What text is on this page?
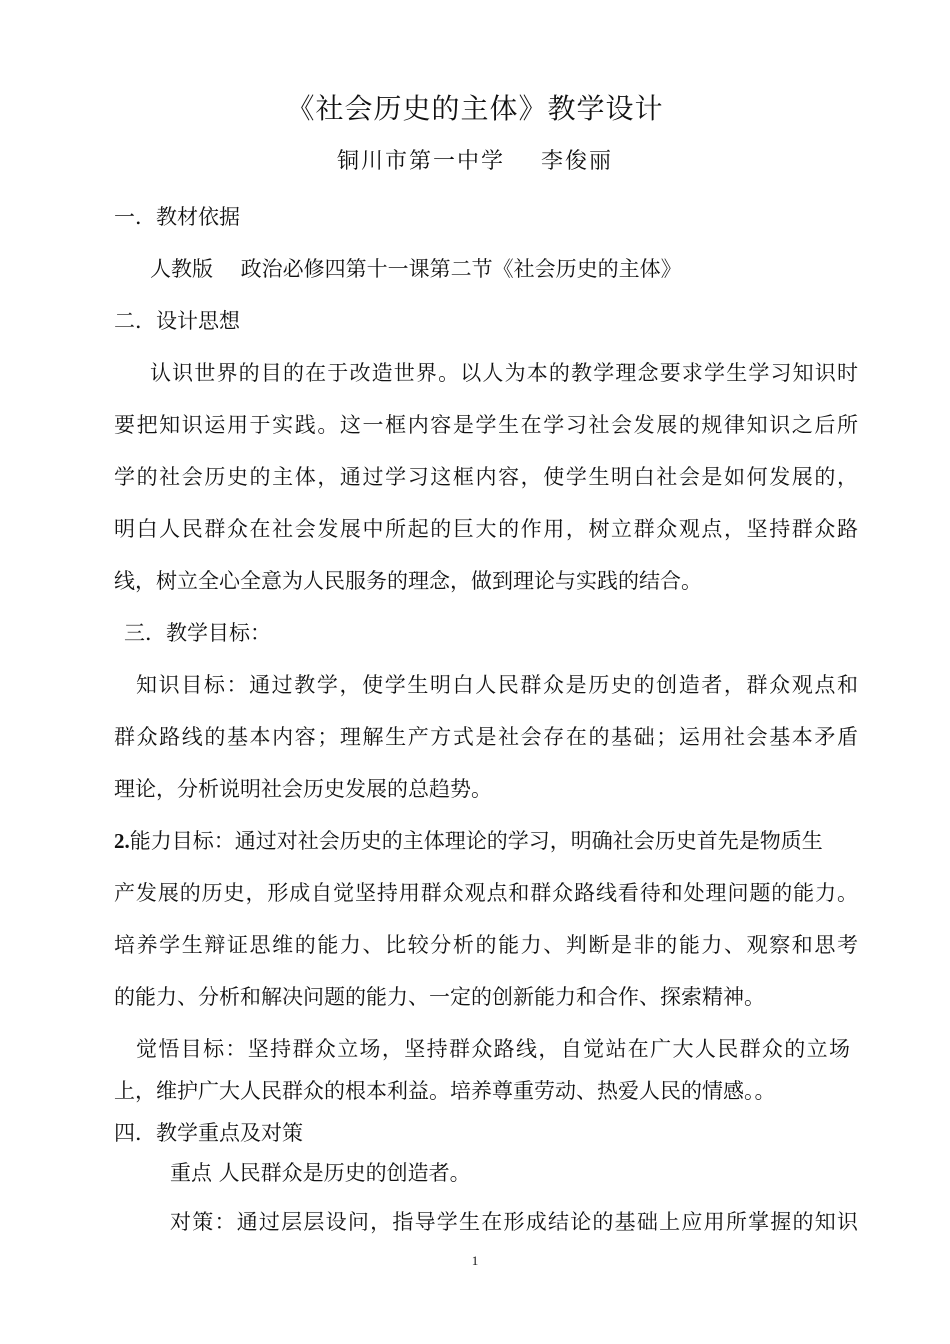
《社会历史的主体》教学设计
铜川市第一中学 李俊丽
一．教材依据
人教版　 政治必修四第十一课第二节《社会历史的主体》
二．设计思想
认识世界的目的在于改造世界。以人为本的教学理念要求学生学习知识时
要把知识运用于实践。这一框内容是学生在学习社会发展的规律知识之后所
学的社会历史的主体，通过学习这框内容，使学生明白社会是如何发展的，
明白人民群众在社会发展中所起的巨大的作用，树立群众观点，坚持群众路
线，树立全心全意为人民服务的理念，做到理论与实践的结合。
三．教学目标：
知识目标：通过教学，使学生明白人民群众是历史的创造者，群众观点和
群众路线的基本内容；理解生产方式是社会存在的基础；运用社会基本矛盾
理论，分析说明社会历史发展的总趋势。
2.能力目标：通过对社会历史的主体理论的学习，明确社会历史首先是物质生
产发展的历史，形成自觉坚持用群众观点和群众路线看待和处理问题的能力。
培养学生辩证思维的能力、比较分析的能力、判断是非的能力、观察和思考
的能力、分析和解决问题的能力、一定的创新能力和合作、探索精神。
觉悟目标：坚持群众立场，坚持群众路线，自觉站在广大人民群众的立场
上，维护广大人民群众的根本利益。培养尊重劳动、热爱人民的情感。。
四．教学重点及对策
重点 人民群众是历史的创造者。
对策：通过层层设问，指导学生在形成结论的基础上应用所掌握的知识
1
